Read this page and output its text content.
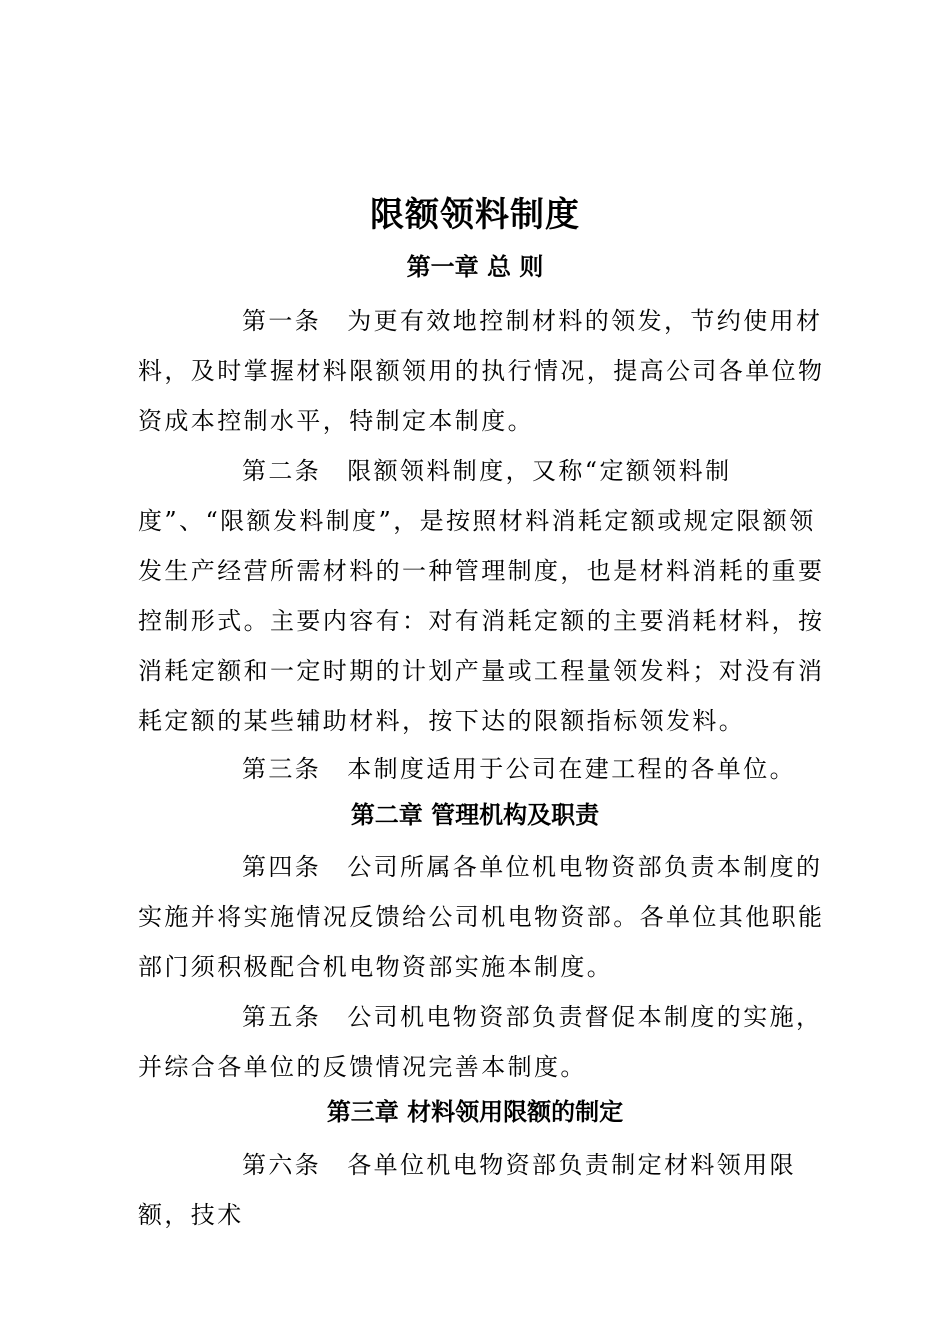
限额领料制度
第一章 总 则
第一条 为更有效地控制材料的领发，节约使用材料，及时掌握材料限额领用的执行情况，提高公司各单位物资成本控制水平，特制定本制度。
第二条 限额领料制度，又称“定额领料制度”、“限额发料制度”，是按照材料消耗定额或规定限额领发生产经营所需材料的一种管理制度，也是材料消耗的重要控制形式。主要内容有：对有消耗定额的主要消耗材料，按消耗定额和一定时期的计划产量或工程量领发料；对没有消耗定额的某些辅助材料，按下达的限额指标领发料。
第三条 本制度适用于公司在建工程的各单位。
第二章 管理机构及职责
第四条 公司所属各单位机电物资部负责本制度的实施并将实施情况反馈给公司机电物资部。各单位其他职能部门须积极配合机电物资部实施本制度。
第五条 公司机电物资部负责督促本制度的实施，并综合各单位的反馈情况完善本制度。
第三章 材料领用限额的制定
第六条 各单位机电物资部负责制定材料领用限额，技术
